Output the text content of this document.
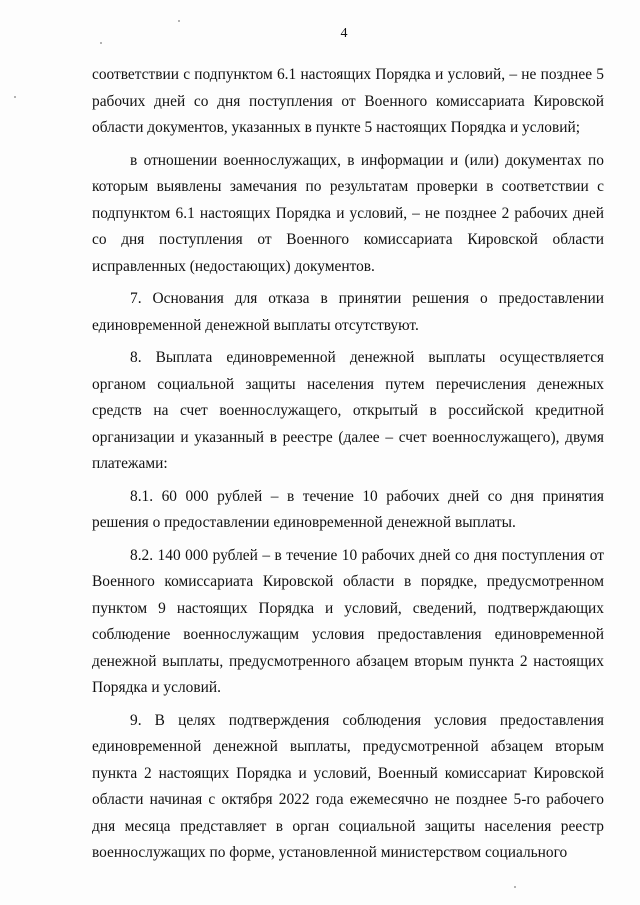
4

соответствии с подпунктом 6.1 настоящих Порядка и условий, – не позднее 5 рабочих дней со дня поступления от Военного комиссариата Кировской области документов, указанных в пункте 5 настоящих Порядка и условий;

в отношении военнослужащих, в информации и (или) документах по которым выявлены замечания по результатам проверки в соответствии с подпунктом 6.1 настоящих Порядка и условий, – не позднее 2 рабочих дней со дня поступления от Военного комиссариата Кировской области исправленных (недостающих) документов.

7. Основания для отказа в принятии решения о предоставлении единовременной денежной выплаты отсутствуют.

8. Выплата единовременной денежной выплаты осуществляется органом социальной защиты населения путем перечисления денежных средств на счет военнослужащего, открытый в российской кредитной организации и указанный в реестре (далее – счет военнослужащего), двумя платежами:

8.1. 60 000 рублей – в течение 10 рабочих дней со дня принятия решения о предоставлении единовременной денежной выплаты.

8.2. 140 000 рублей – в течение 10 рабочих дней со дня поступления от Военного комиссариата Кировской области в порядке, предусмотренном пунктом 9 настоящих Порядка и условий, сведений, подтверждающих соблюдение военнослужащим условия предоставления единовременной денежной выплаты, предусмотренного абзацем вторым пункта 2 настоящих Порядка и условий.

9. В целях подтверждения соблюдения условия предоставления единовременной денежной выплаты, предусмотренной абзацем вторым пункта 2 настоящих Порядка и условий, Военный комиссариат Кировской области начиная с октября 2022 года ежемесячно не позднее 5-го рабочего дня месяца представляет в орган социальной защиты населения реестр военнослужащих по форме, установленной министерством социального
